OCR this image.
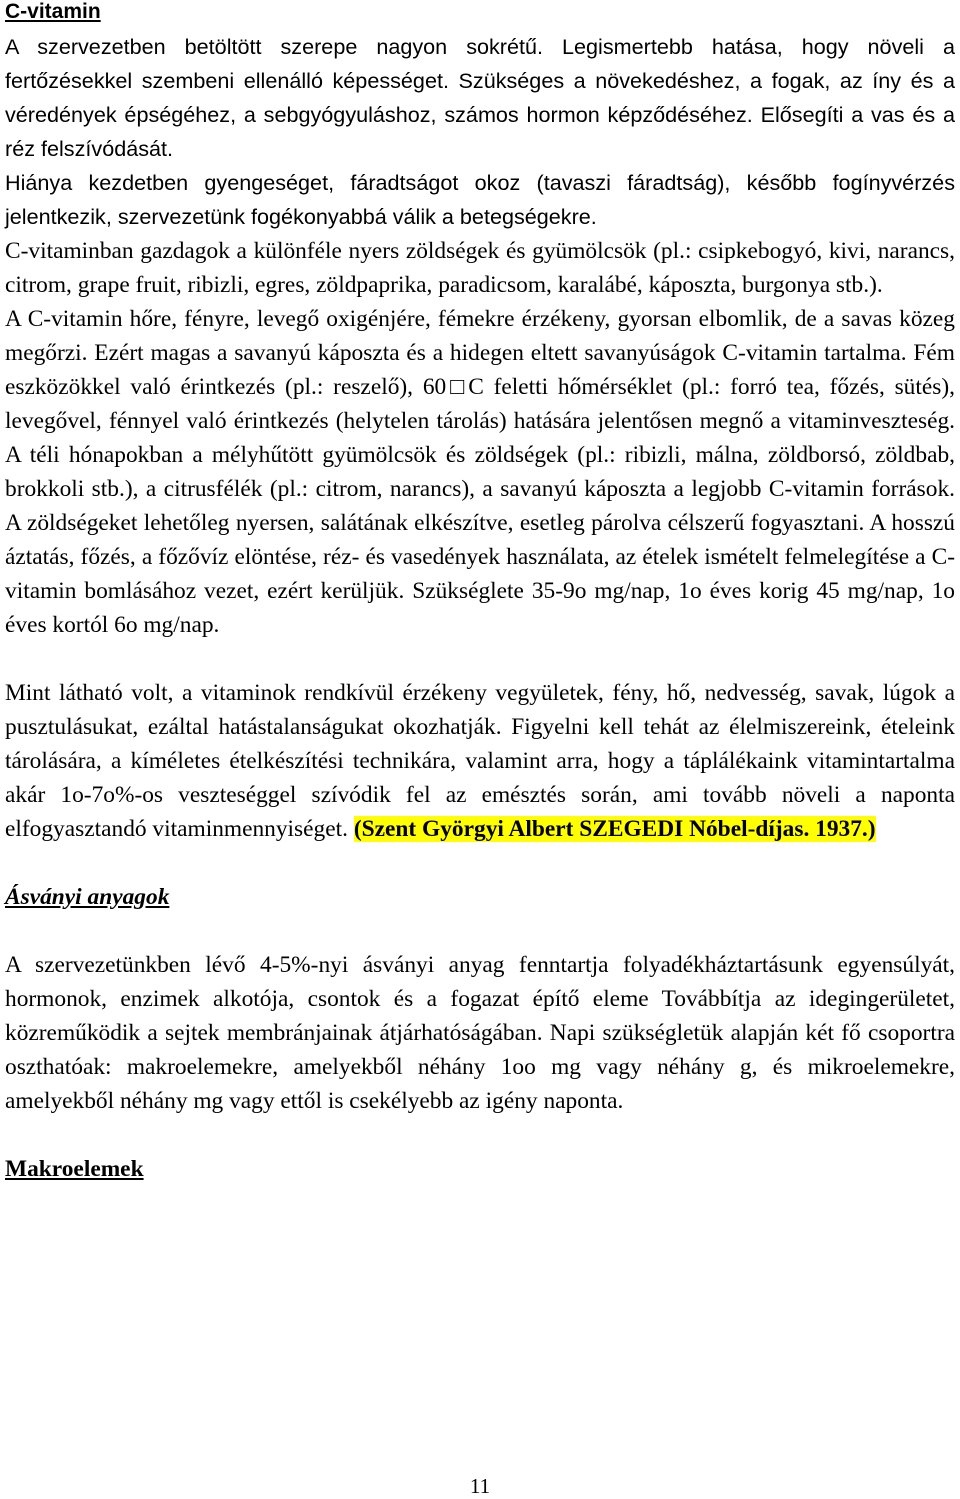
C-vitamin

A szervezetben betöltött szerepe nagyon sokrétű. Legismertebb hatása, hogy növeli a fertőzésekkel szembeni ellenálló képességet. Szükséges a növekedéshez, a fogak, az íny és a véredények épségéhez, a sebgyógyuláshoz, számos hormon képződéséhez. Elősegíti a vas és a réz felszívódását.

Hiánya kezdetben gyengeséget, fáradtságot okoz (tavaszi fáradtság), később fogínyvérzés jelentkezik, szervezetünk fogékonyabbá válik a betegségekre.

C-vitaminban gazdagok a különféle nyers zöldségek és gyümölcsök (pl.: csipkebogyó, kivi, narancs, citrom, grape fruit, ribizli, egres, zöldpaprika, paradicsom, karalábé, káposzta, burgonya stb.).

A C-vitamin hőre, fényre, levegő oxigénjére, fémekre érzékeny, gyorsan elbomlik, de a savas közeg megőrzi. Ezért magas a savanyú káposzta és a hidegen eltett savanyúságok C-vitamin tartalma. Fém eszközökkel való érintkezés (pl.: reszelő), 60□C feletti hőmérséklet (pl.: forró tea, főzés, sütés), levegővel, fénnyel való érintkezés (helytelen tárolás) hatására jelentősen megnő a vitaminveszteség. A téli hónapokban a mélyhűtött gyümölcsök és zöldségek (pl.: ribizli, málna, zöldborsó, zöldbab, brokkoli stb.), a citrusfélék (pl.: citrom, narancs), a savanyú káposzta a legjobb C-vitamin források. A zöldségeket lehetőleg nyersen, salátának elkészítve, esetleg párolva célszerű fogyasztani. A hosszú áztatás, főzés, a főzővíz elöntése, réz- és vasedények használata, az ételek ismételt felmelegítése a C-vitamin bomlásához vezet, ezért kerüljük. Szükséglete 35-9o mg/nap, 1o éves korig 45 mg/nap, 1o éves kortól 6o mg/nap.

Mint látható volt, a vitaminok rendkívül érzékeny vegyületek, fény, hő, nedvesség, savak, lúgok a pusztulásukat, ezáltal hatástalanságukat okozhatják. Figyelni kell tehát az élelmiszereink, ételeink tárolására, a kíméletes ételkészítési technikára, valamint arra, hogy a táplálékaink vitamintartalma akár 1o-7o%-os veszteséggel szívódik fel az emésztés során, ami tovább növeli a naponta elfogyasztandó vitaminmennyiséget. (Szent Györgyi Albert SZEGEDI Nóbel-díjas. 1937.)

Ásványi anyagok

A szervezetünkben lévő 4-5%-nyi ásványi anyag fenntartja folyadékháztartásunk egyensúlyát, hormonok, enzimek alkotója, csontok és a fogazat építő eleme Továbbítja az idegingerületet, közreműködik a sejtek membránjainak átjárhatóságában. Napi szükségletük alapján két fő csoportra oszthatóak: makroelemekre, amelyekből néhány 1oo mg vagy néhány g, és mikroelemekre, amelyekből néhány mg vagy ettől is csekélyebb az igény naponta.

Makroelemek
11
